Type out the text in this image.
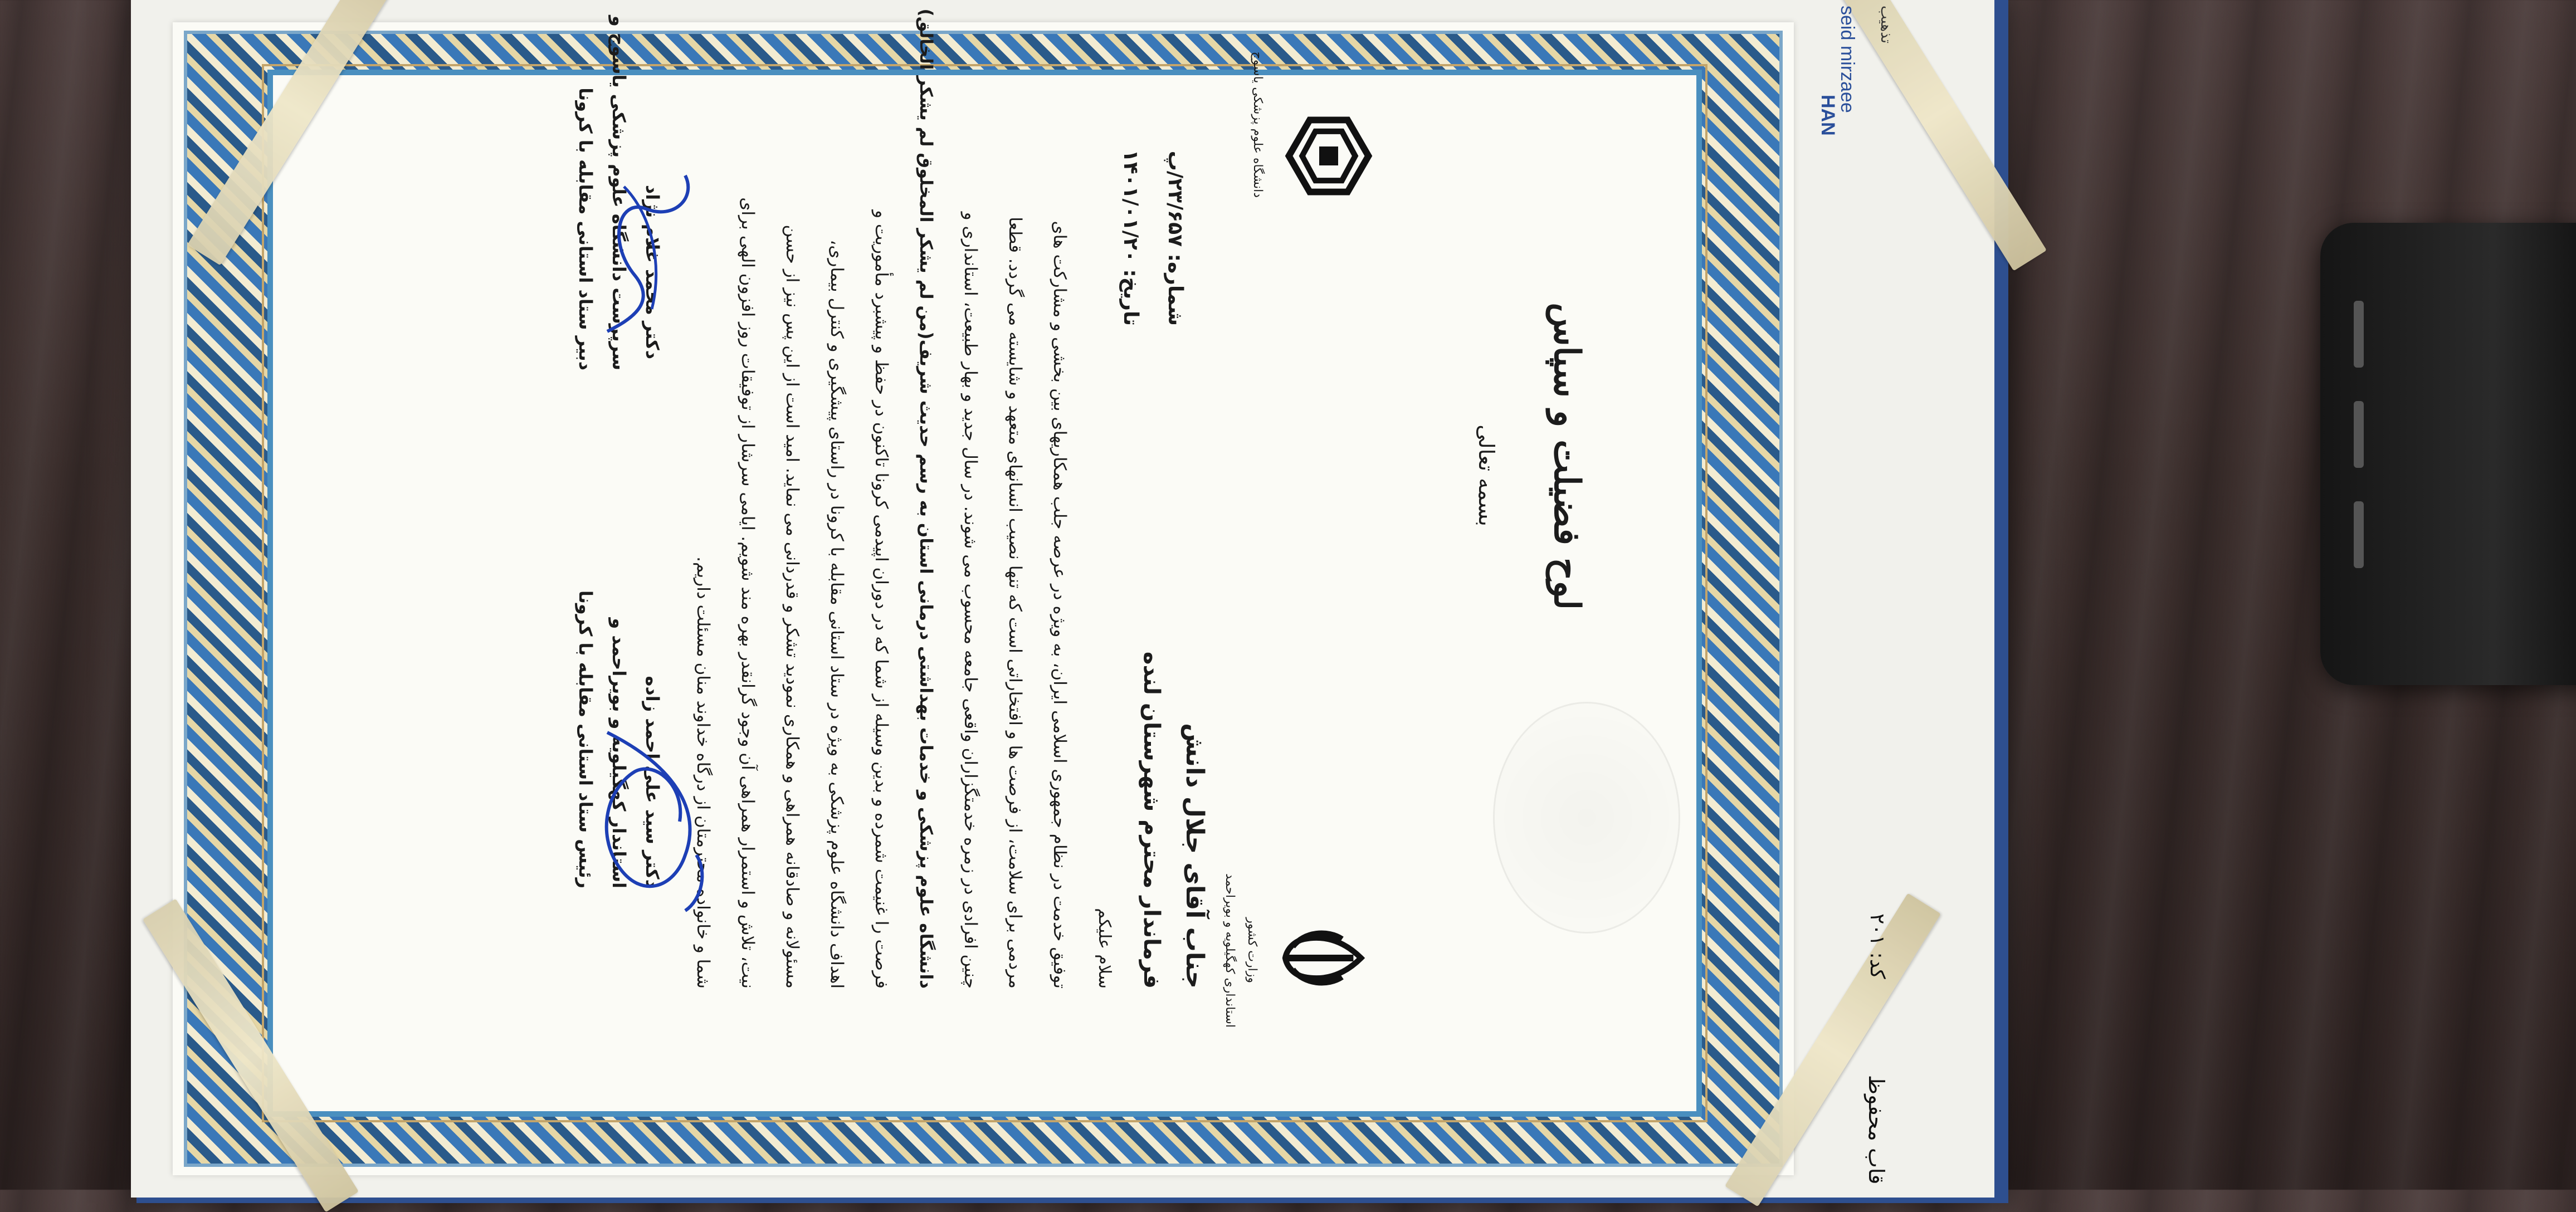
seid mirzaee تذهیب
HAN
کد: ۲۰۱
قاب محفوظ
بسمه تعالی لوح فضیلت و سپاس
وزارت کشور
استانداری کهگیلویه و بویراحمد
دانشگاه علوم پزشکی یاسوج
شماره: ۲۳/۶۵۷/پ
تاریخ: ۱۴۰۱/۰۱/۲۰
جناب آقای جلال دانش
فرماندار محترم شهرستان لنده
سلام علیکم
توفیق خدمت در نظام جمهوری اسلامی ایران، به ویژه در عرصه جلب همکاریهای بین بخشی و مشارکت های
مردمی برای سلامت، از فرصت ها و افتخاراتی است که تنها نصیب انسانهای متعهد و شایسته می گردد. قطعا
چنین افرادی در زمره خدمتگزاران واقعی جامعه محسوب می شوند. در سال جدید و بهار طبیعت، استانداری و
دانشگاه علوم پزشکی و خدمات بهداشتی درمانی استان به رسم حدیث شریف(من لم یشکر المخلوق لم یشکر الخالق)
فرصت را غنیمت شمرده و بدین وسیله از شما که در دوران اپیدمی کرونا تاکنون در حفظ و پیشبرد مأموریت و
اهداف دانشگاه علوم پزشکی به ویژه در ستاد استانی مقابله با کرونا در راستای پیشگیری و کنترل بیماری،
مسئولانه و صادقانه همراهی و همکاری نمودید تشکر و قدردانی می نماید. امید است از این پس نیز از حسن
نیت، تلاش و استمرار همراهی آن وجود گرانقدر بهره مند شویم. ایامی سرشار از توفیقات روز افزون الهی برای
شما و خانواده محترمتان از درگاه خداوند منان مسئلت داریم.
دکتر سید علی احمد زاده
استاندار کهگیلویه و بویراحمد و
رئیس ستاد استانی مقابله با کرونا
دکتر محمد غلام نژاد
سرپرست دانشگاه علوم پزشکی یاسوج و
دبیر ستاد استانی مقابله با کرونا
